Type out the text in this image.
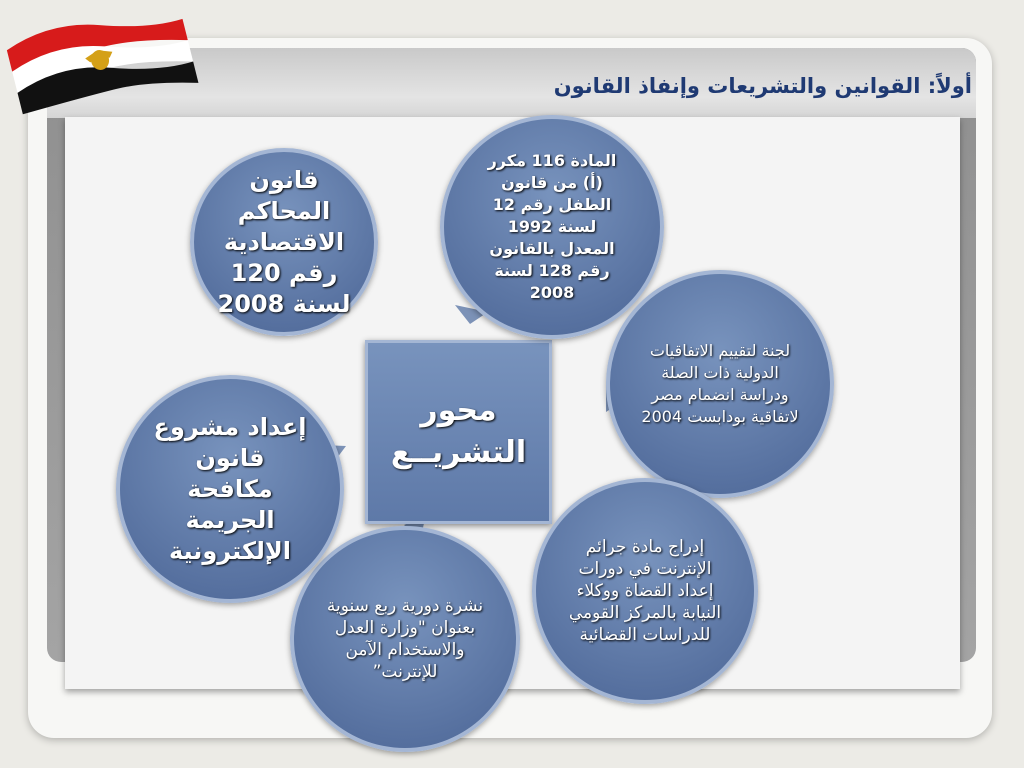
أولاً: القوانين والتشريعات وإنفاذ القانون
محور التشريــع
قانون المحاكم الاقتصادية رقم 120 لسنة 2008
المادة 116 مكرر (أ) من قانون الطفل رقم 12 لسنة 1992 المعدل بالقانون رقم 128 لسنة 2008
لجنة لتقييم الاتفاقيات الدولية ذات الصلة ودراسة انضمام مصر لاتفاقية بودابست 2004
إدراج مادة جرائم الإنترنت في دورات إعداد القضاة ووكلاء النيابة بالمركز القومي للدراسات القضائية
نشرة دورية ربع سنوية بعنوان "وزارة العدل والاستخدام الآمن للإنترنت”
إعداد مشروع قانون مكافحة الجريمة الإلكترونية
